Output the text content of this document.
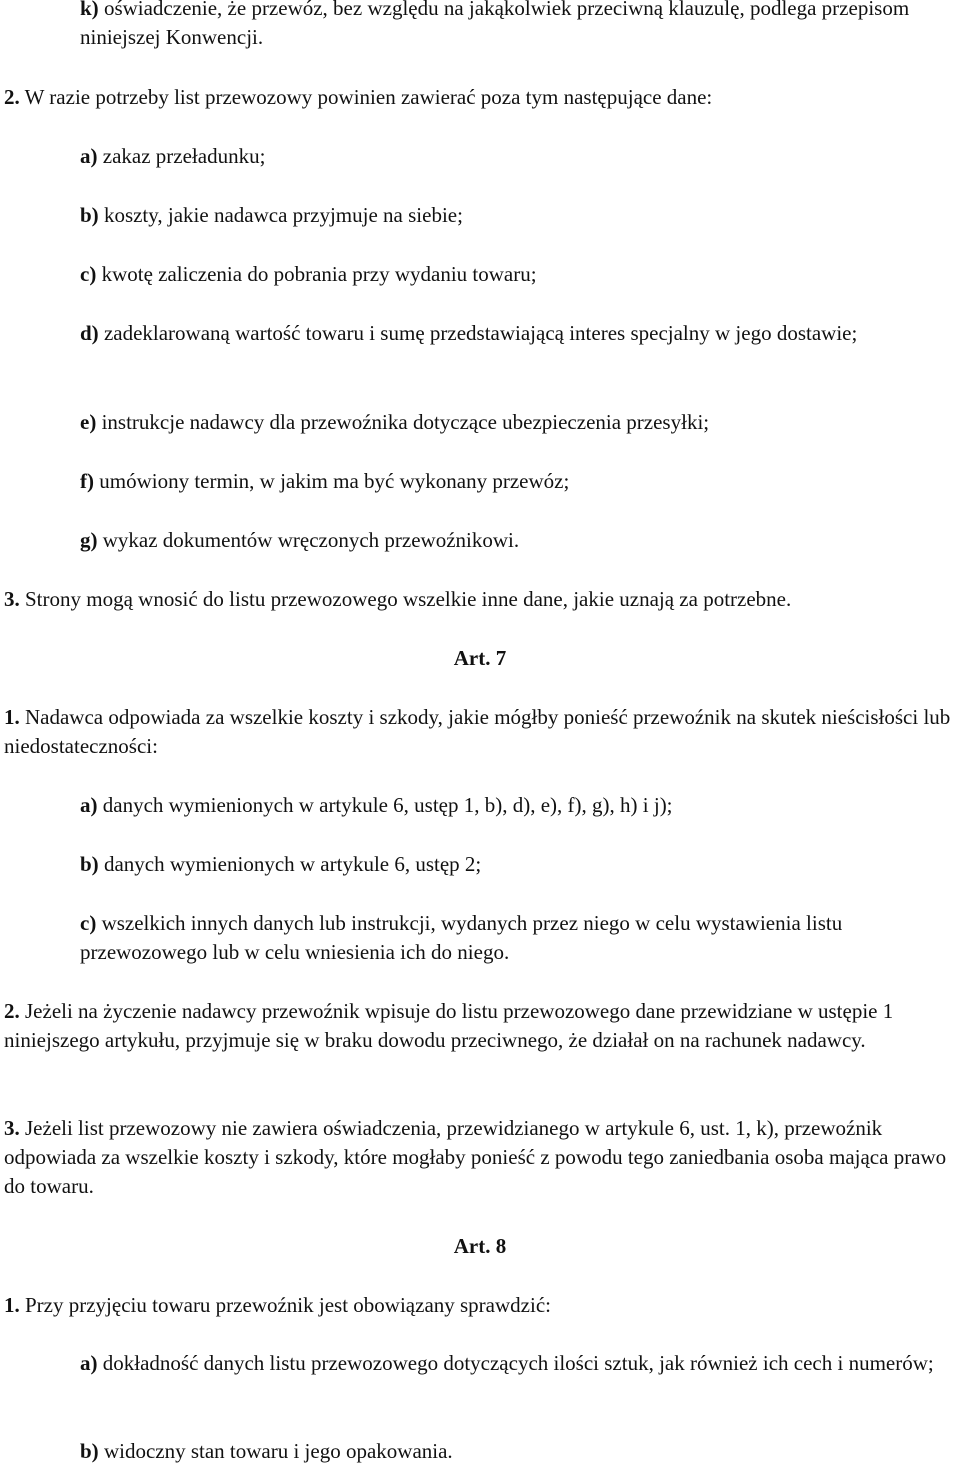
k) oświadczenie, że przewóz, bez względu na jakąkolwiek przeciwną klauzulę, podlega przepisom niniejszej Konwencji.

2. W razie potrzeby list przewozowy powinien zawierać poza tym następujące dane:

a) zakaz przeładunku;

b) koszty, jakie nadawca przyjmuje na siebie;

c) kwotę zaliczenia do pobrania przy wydaniu towaru;

d) zadeklarowaną wartość towaru i sumę przedstawiającą interes specjalny w jego dostawie;

e) instrukcje nadawcy dla przewoźnika dotyczące ubezpieczenia przesyłki;

f) umówiony termin, w jakim ma być wykonany przewóz;

g) wykaz dokumentów wręczonych przewoźnikowi.

3. Strony mogą wnosić do listu przewozowego wszelkie inne dane, jakie uznają za potrzebne.

Art. 7

1. Nadawca odpowiada za wszelkie koszty i szkody, jakie mógłby ponieść przewoźnik na skutek nieścisłości lub niedostateczności:

a) danych wymienionych w artykule 6, ustęp 1, b), d), e), f), g), h) i j);

b) danych wymienionych w artykule 6, ustęp 2;

c) wszelkich innych danych lub instrukcji, wydanych przez niego w celu wystawienia listu przewozowego lub w celu wniesienia ich do niego.

2. Jeżeli na życzenie nadawcy przewoźnik wpisuje do listu przewozowego dane przewidziane w ustępie 1 niniejszego artykułu, przyjmuje się w braku dowodu przeciwnego, że działał on na rachunek nadawcy.

3. Jeżeli list przewozowy nie zawiera oświadczenia, przewidzianego w artykule 6, ust. 1, k), przewoźnik odpowiada za wszelkie koszty i szkody, które mogłaby ponieść z powodu tego zaniedbania osoba mająca prawo do towaru.

Art. 8

1. Przy przyjęciu towaru przewoźnik jest obowiązany sprawdzić:

a) dokładność danych listu przewozowego dotyczących ilości sztuk, jak również ich cech i numerów;

b) widoczny stan towaru i jego opakowania.
